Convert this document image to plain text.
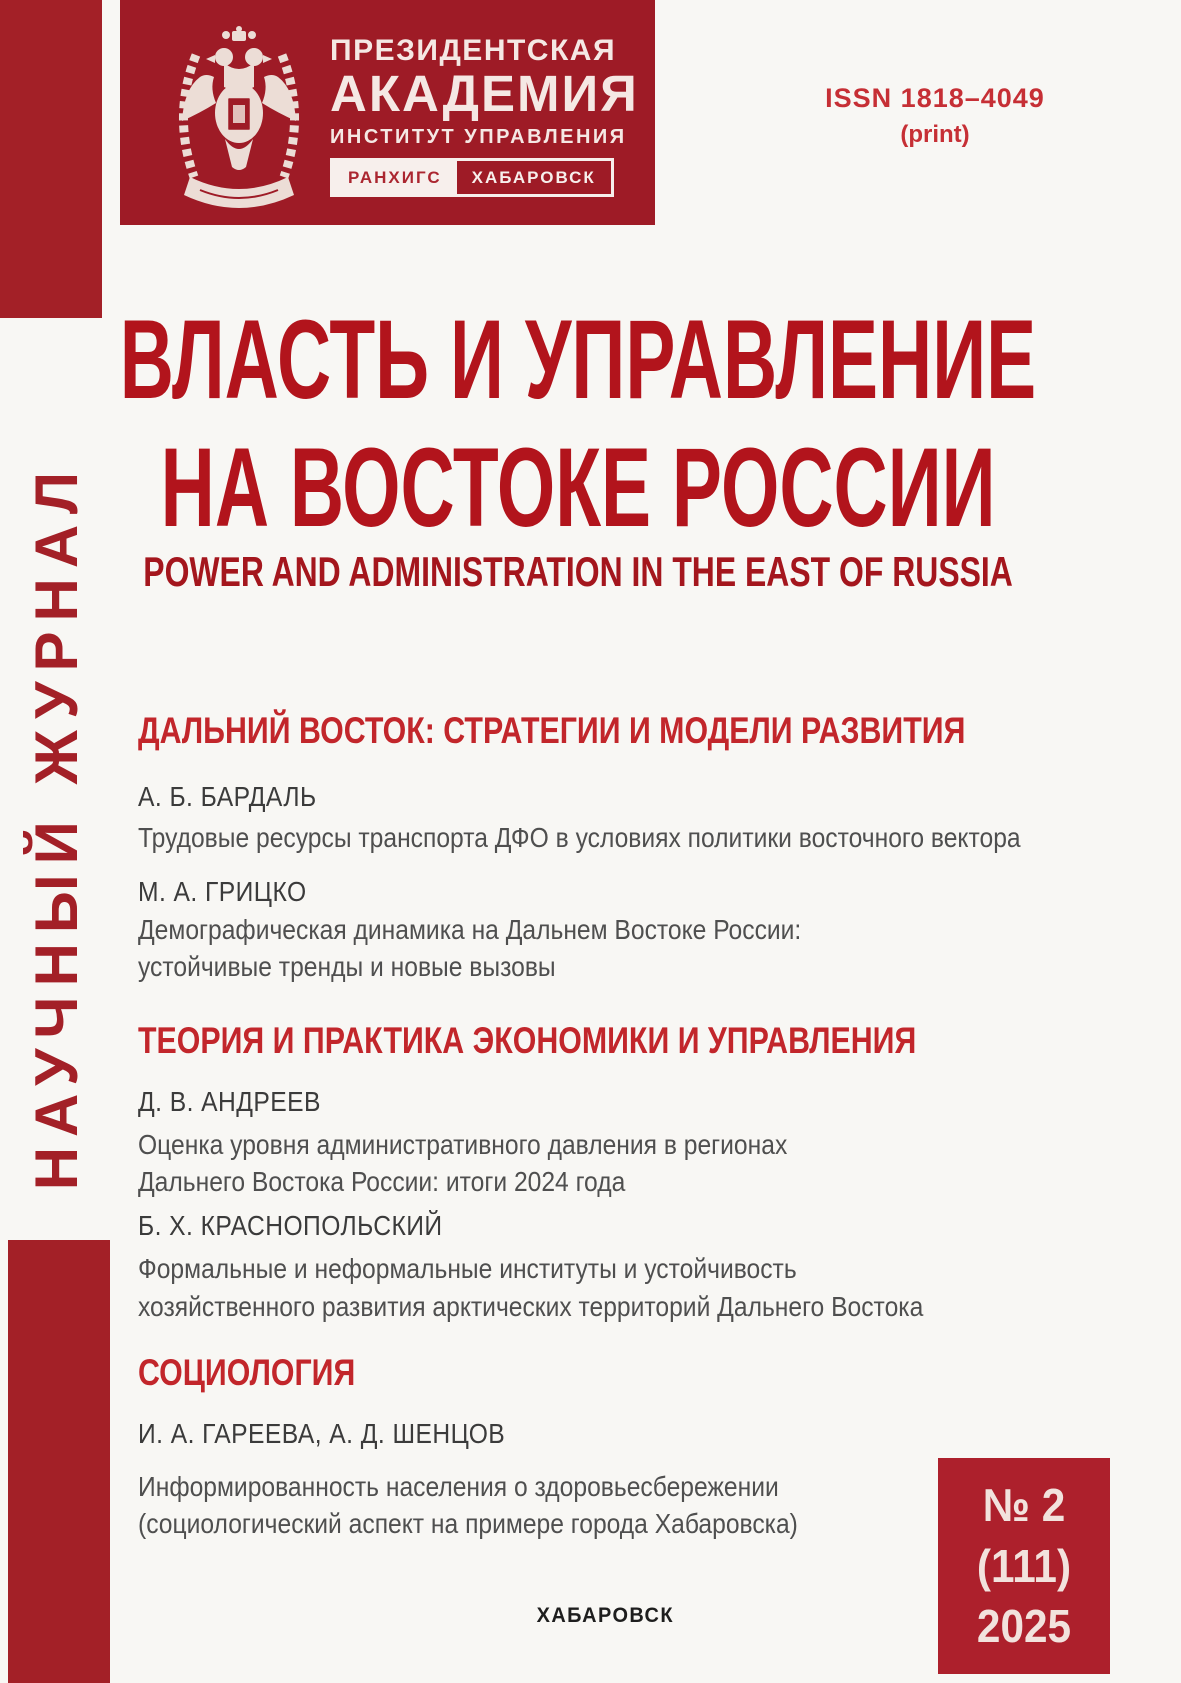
НАУЧНЫЙ ЖУРНАЛ
ПРЕЗИДЕНТСКАЯ
АКАДЕМИЯ
ИНСТИТУТ УПРАВЛЕНИЯ
РАНХИГС	ХАБАРОВСК
ISSN 1818–4049
(print)
ВЛАСТЬ И УПРАВЛЕНИЕ
НА ВОСТОКЕ РОССИИ
POWER AND ADMINISTRATION IN THE EAST OF RUSSIA
ДАЛЬНИЙ ВОСТОК: СТРАТЕГИИ И МОДЕЛИ РАЗВИТИЯ
А. Б. БАРДАЛЬ
Трудовые ресурсы транспорта ДФО в условиях политики восточного вектора
М. А. ГРИЦКО
Демографическая динамика на Дальнем Востоке России:
устойчивые тренды и новые вызовы
ТЕОРИЯ И ПРАКТИКА ЭКОНОМИКИ И УПРАВЛЕНИЯ
Д. В. АНДРЕЕВ
Оценка уровня административного давления в регионах
Дальнего Востока России: итоги 2024 года
Б. Х. КРАСНОПОЛЬСКИЙ
Формальные и неформальные институты и устойчивость
хозяйственного развития арктических территорий Дальнего Востока
СОЦИОЛОГИЯ
И. А. ГАРЕЕВА, А. Д. ШЕНЦОВ
Информированность населения о здоровьесбережении
(социологический аспект на примере города Хабаровска)	№ 2
(111)
2025
ХАБАРОВСК
